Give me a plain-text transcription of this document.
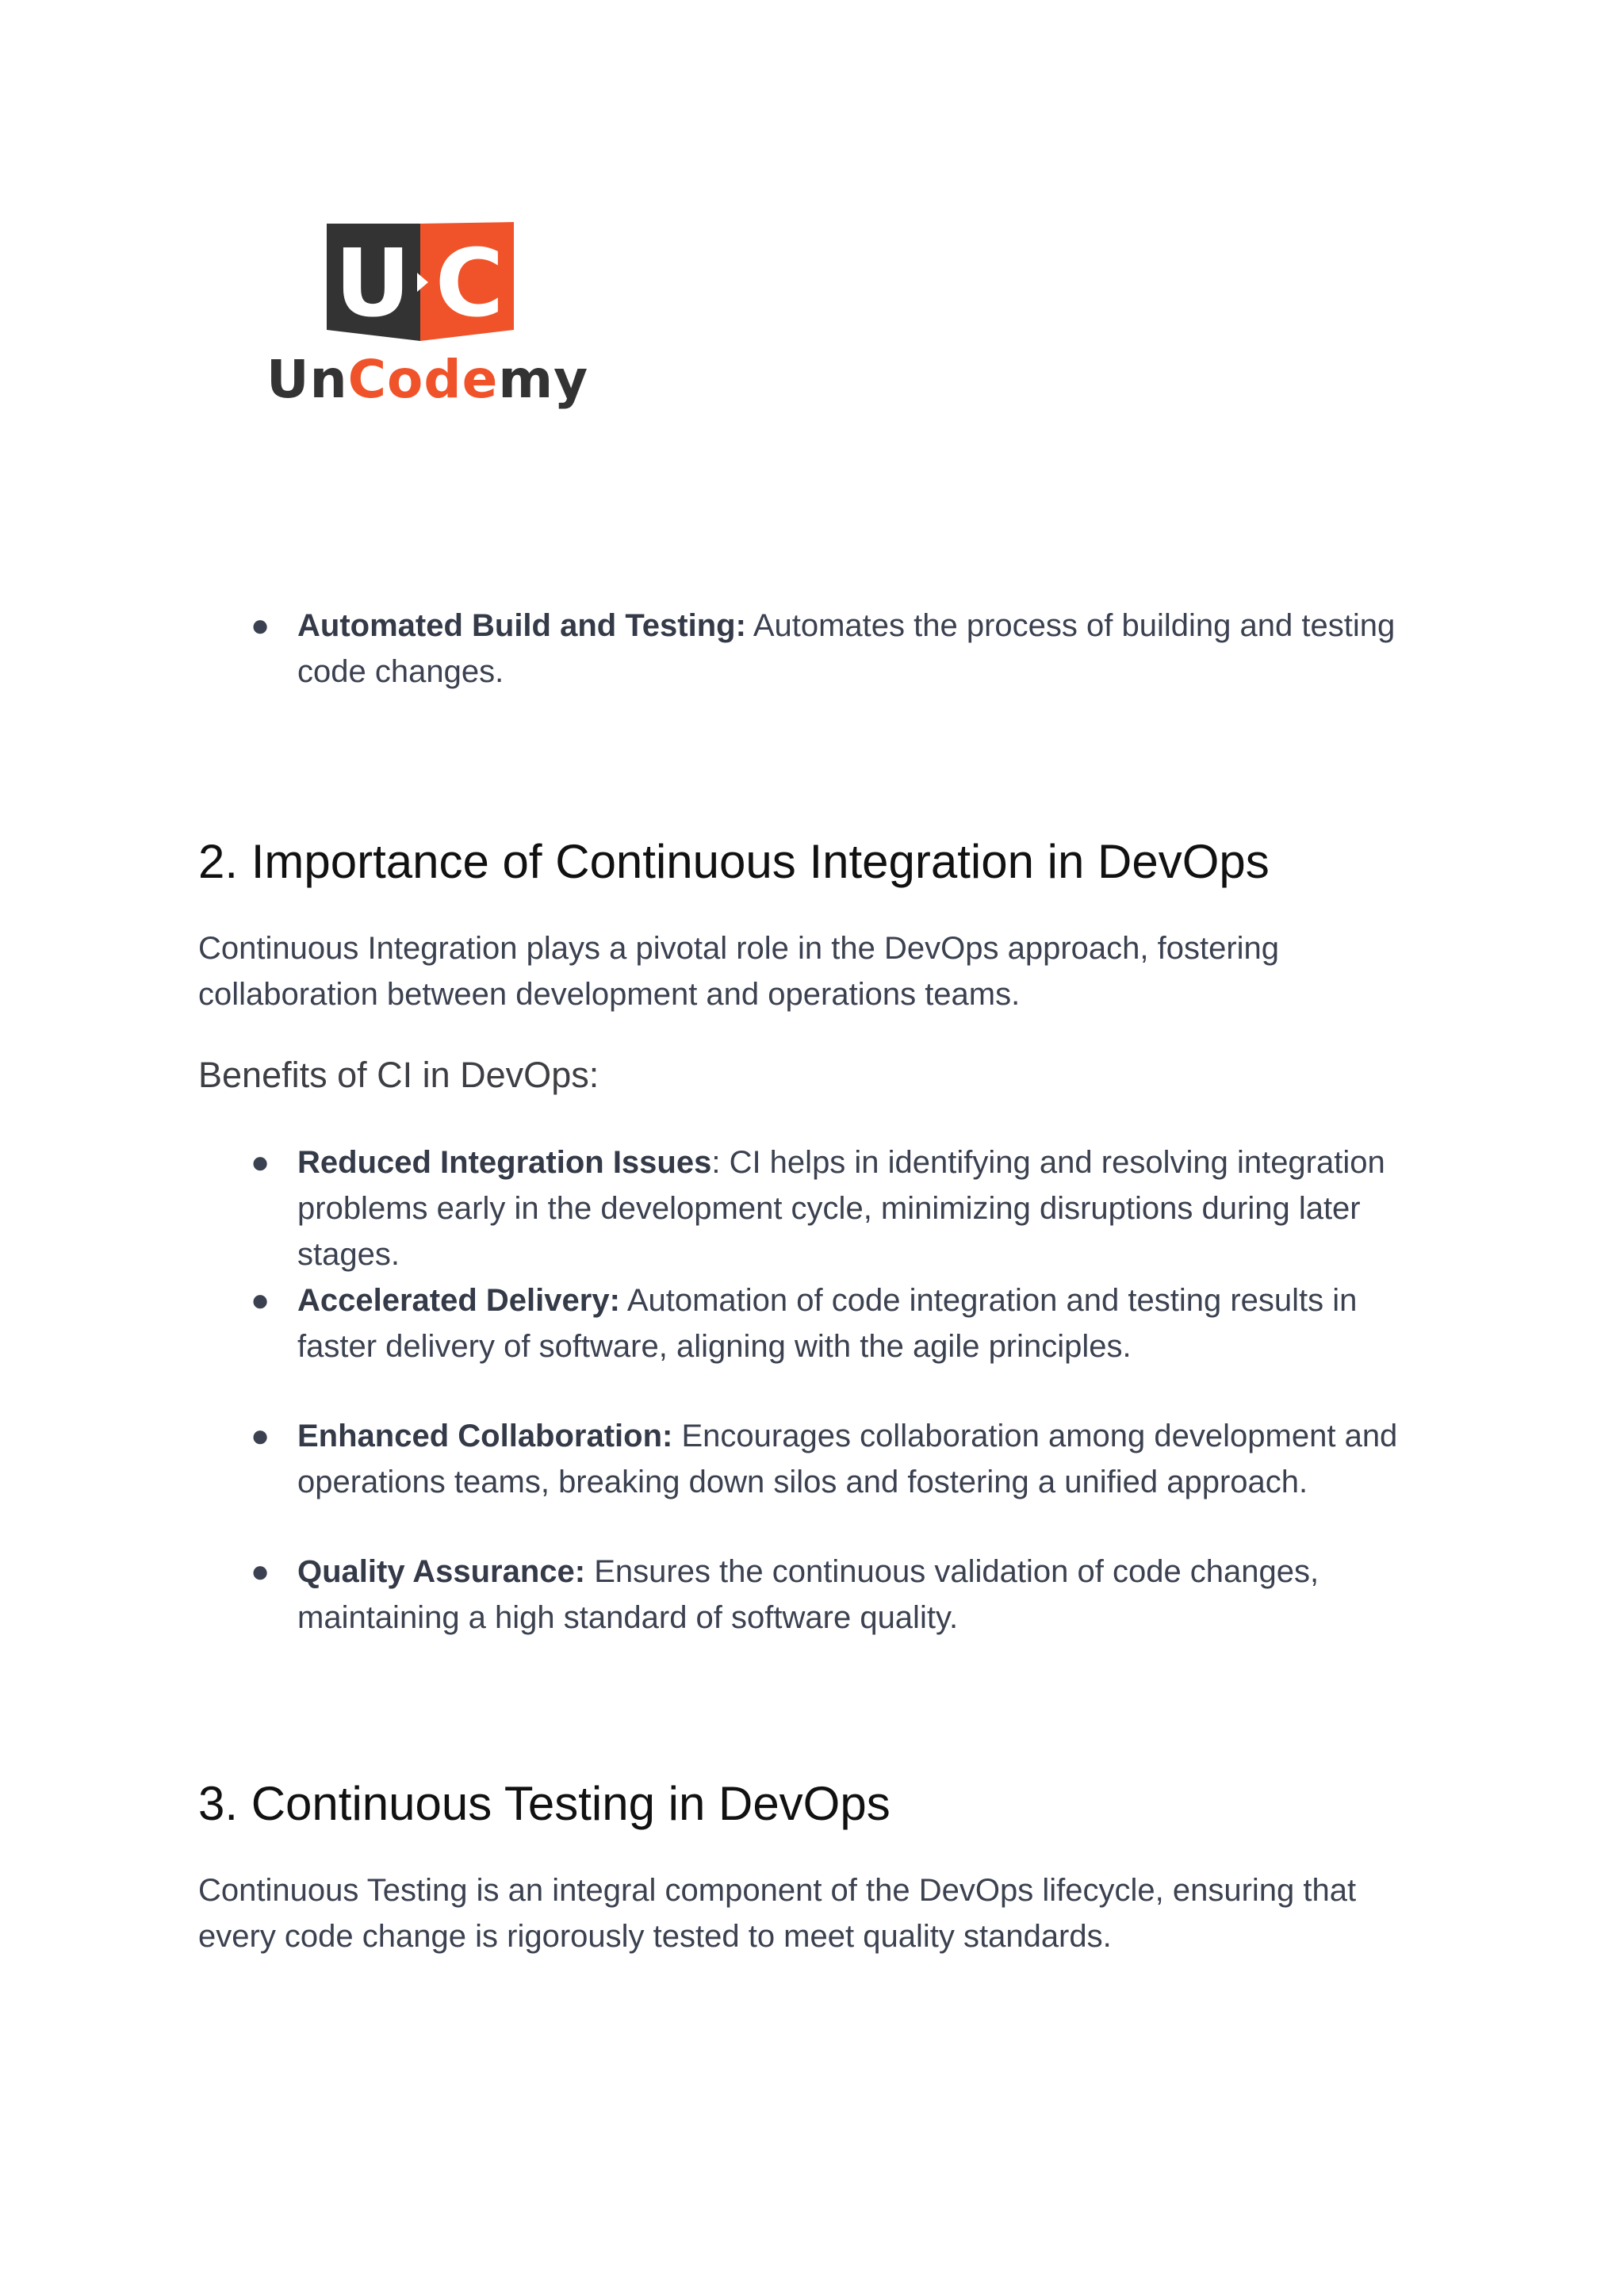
U C
UnCodemy
● Automated Build and Testing: Automates the process of building and testing code changes.
2. Importance of Continuous Integration in DevOps

Continuous Integration plays a pivotal role in the DevOps approach, fostering collaboration between development and operations teams.

Benefits of CI in DevOps:
● Reduced Integration Issues: CI helps in identifying and resolving integration problems early in the development cycle, minimizing disruptions during later stages.
● Accelerated Delivery: Automation of code integration and testing results in faster delivery of software, aligning with the agile principles.
● Enhanced Collaboration: Encourages collaboration among development and operations teams, breaking down silos and fostering a unified approach.
● Quality Assurance: Ensures the continuous validation of code changes, maintaining a high standard of software quality.
3. Continuous Testing in DevOps

Continuous Testing is an integral component of the DevOps lifecycle, ensuring that every code change is rigorously tested to meet quality standards.
